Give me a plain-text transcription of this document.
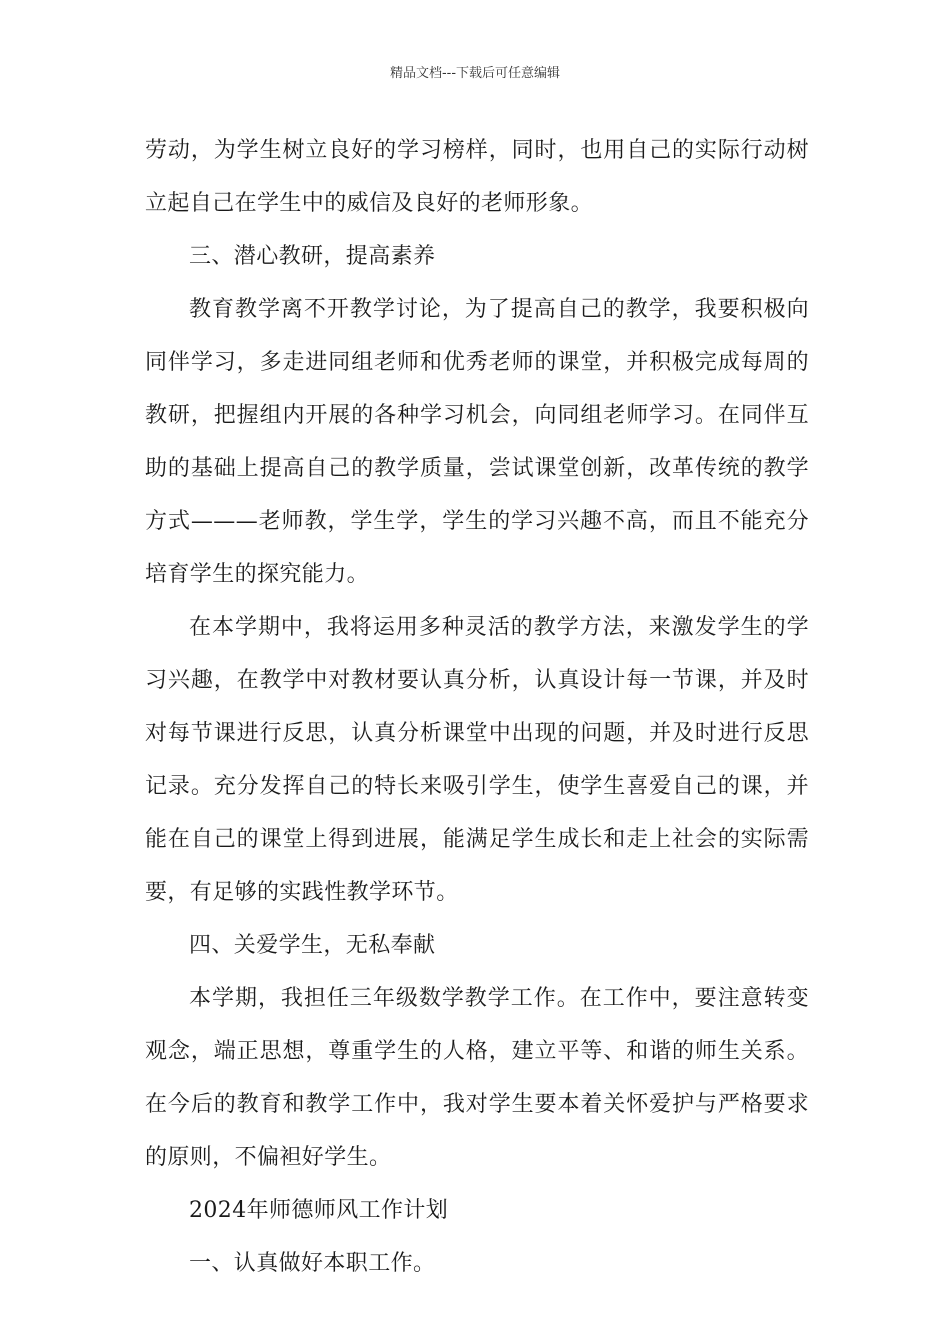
精品文档---下载后可任意编辑

劳动，为学生树立良好的学习榜样，同时，也用自己的实际行动树立起自己在学生中的威信及良好的老师形象。

三、潜心教研，提高素养

教育教学离不开教学讨论，为了提高自己的教学，我要积极向同伴学习，多走进同组老师和优秀老师的课堂，并积极完成每周的教研，把握组内开展的各种学习机会，向同组老师学习。在同伴互助的基础上提高自己的教学质量，尝试课堂创新，改革传统的教学方式———老师教，学生学，学生的学习兴趣不高，而且不能充分培育学生的探究能力。

在本学期中，我将运用多种灵活的教学方法，来激发学生的学习兴趣，在教学中对教材要认真分析，认真设计每一节课，并及时对每节课进行反思，认真分析课堂中出现的问题，并及时进行反思记录。充分发挥自己的特长来吸引学生，使学生喜爱自己的课，并能在自己的课堂上得到进展，能满足学生成长和走上社会的实际需要，有足够的实践性教学环节。

四、关爱学生，无私奉献

本学期，我担任三年级数学教学工作。在工作中，要注意转变观念，端正思想，尊重学生的人格，建立平等、和谐的师生关系。在今后的教育和教学工作中，我对学生要本着关怀爱护与严格要求的原则，不偏袒好学生。

2024年师德师风工作计划

一、认真做好本职工作。
